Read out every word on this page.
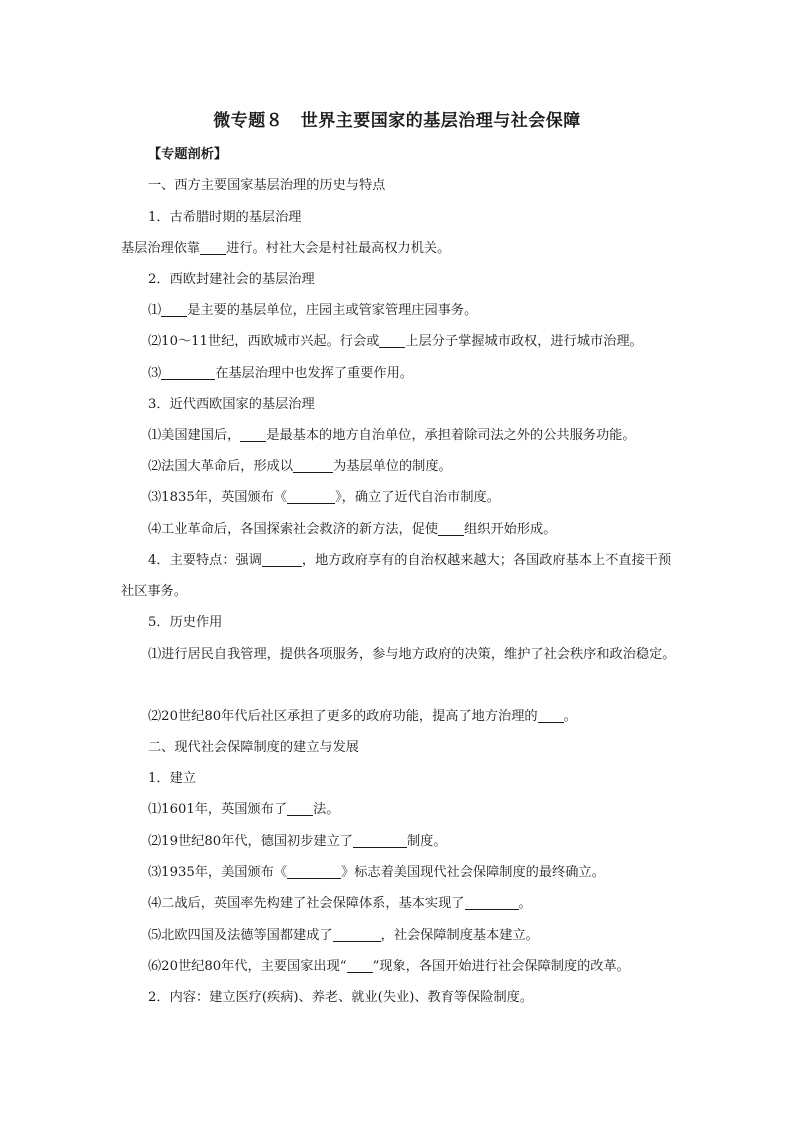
微专题８　世界主要国家的基层治理与社会保障
【专题剖析】
一、西方主要国家基层治理的历史与特点
1．古希腊时期的基层治理
基层治理依靠 进行。村社大会是村社最高权力机关。
2．西欧封建社会的基层治理
⑴ 是主要的基层单位，庄园主或管家管理庄园事务。
⑵10～11世纪，西欧城市兴起。行会或 上层分子掌握城市政权，进行城市治理。
⑶	在基层治理中也发挥了重要作用。
3．近代西欧国家的基层治理
⑴美国建国后， 是最基本的地方自治单位，承担着除司法之外的公共服务功能。
⑵法国大革命后，形成以	为基层单位的制度。
⑶1835年，英国颁布《	》，确立了近代自治市制度。
⑷工业革命后，各国探索社会救济的新方法，促使 组织开始形成。
4．主要特点：强调	，地方政府享有的自治权越来越大；各国政府基本上不直接干预社区事务。
5．历史作用
⑴进行居民自我管理，提供各项服务，参与地方政府的决策，维护了社会秩序和政治稳定。
⑵20世纪80年代后社区承担了更多的政府功能，提高了地方治理的 。
二、现代社会保障制度的建立与发展
1．建立
⑴1601年，英国颁布了 法。
⑵19世纪80年代，德国初步建立了	制度。
⑶1935年，美国颁布《	》标志着美国现代社会保障制度的最终确立。
⑷二战后，英国率先构建了社会保障体系，基本实现了	。
⑸北欧四国及法德等国都建成了	，社会保障制度基本建立。
⑹20世纪80年代，主要国家出现“ ”现象，各国开始进行社会保障制度的改革。
2．内容：建立医疗(疾病)、养老、就业(失业)、教育等保险制度。
